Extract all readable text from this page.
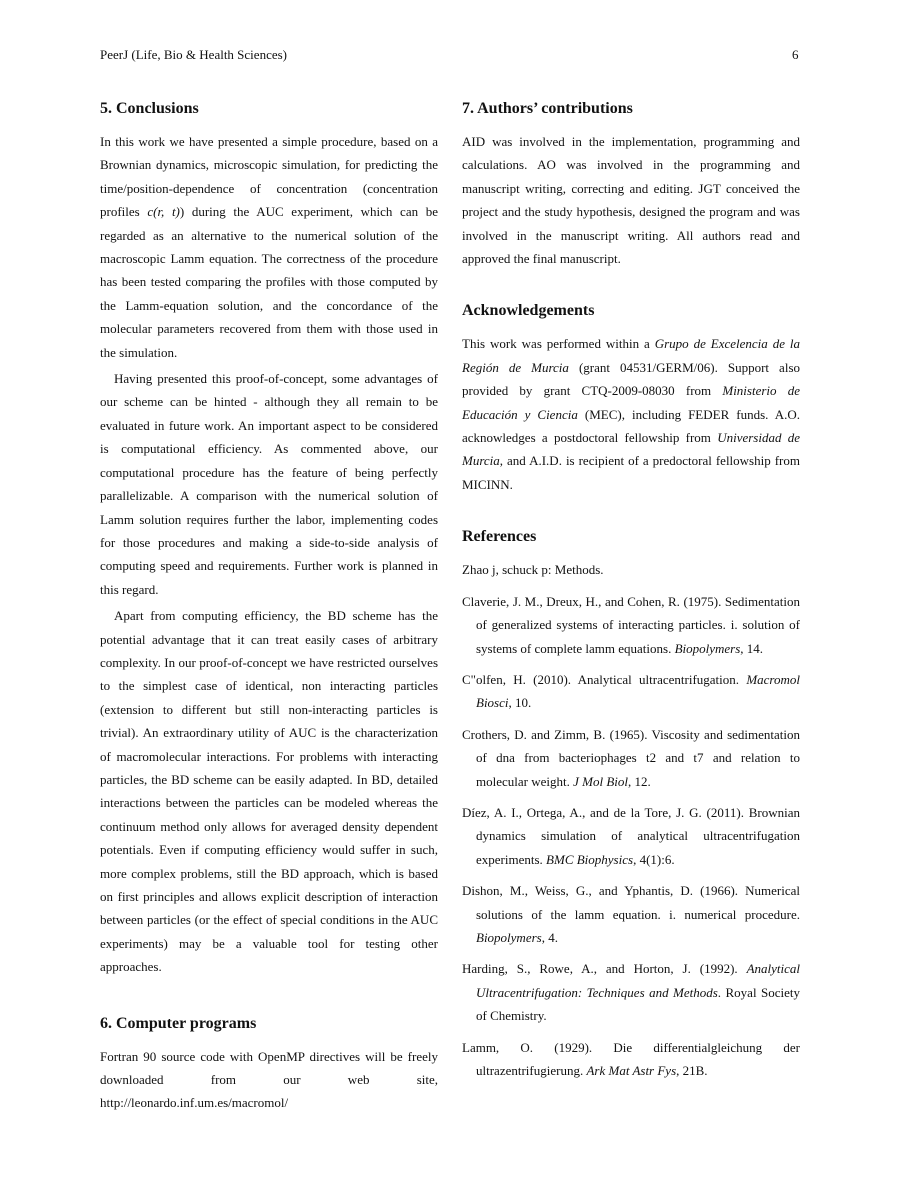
PeerJ (Life, Bio & Health Sciences)	6
5. Conclusions

In this work we have presented a simple procedure, based on a Brownian dynamics, microscopic simulation, for predicting the time/position-dependence of concentration (concentration profiles c(r, t)) during the AUC experiment, which can be regarded as an alternative to the numerical solution of the macroscopic Lamm equation. The correctness of the procedure has been tested comparing the profiles with those computed by the Lamm-equation solution, and the concordance of the molecular parameters recovered from them with those used in the simulation.

Having presented this proof-of-concept, some advantages of our scheme can be hinted - although they all remain to be evaluated in future work. An important aspect to be considered is computational efficiency. As commented above, our computational procedure has the feature of being perfectly parallelizable. A comparison with the numerical solution of Lamm solution requires further the labor, implementing codes for those procedures and making a side-to-side analysis of computing speed and requirements. Further work is planned in this regard.

Apart from computing efficiency, the BD scheme has the potential advantage that it can treat easily cases of arbitrary complexity. In our proof-of-concept we have restricted ourselves to the simplest case of identical, non interacting particles (extension to different but still non-interacting particles is trivial). An extraordinary utility of AUC is the characterization of macromolecular interactions. For problems with interacting particles, the BD scheme can be easily adapted. In BD, detailed interactions between the particles can be modeled whereas the continuum method only allows for averaged density dependent potentials. Even if computing efficiency would suffer in such, more complex problems, still the BD approach, which is based on first principles and allows explicit description of interaction between particles (or the effect of special conditions in the AUC experiments) may be a valuable tool for testing other approaches.

6. Computer programs

Fortran 90 source code with OpenMP directives will be freely downloaded from our web site, http://leonardo.inf.um.es/macromol/

7. Authors’ contributions

AID was involved in the implementation, programming and calculations. AO was involved in the programming and manuscript writing, correcting and editing. JGT conceived the project and the study hypothesis, designed the program and was involved in the manuscript writing. All authors read and approved the final manuscript.

Acknowledgements

This work was performed within a Grupo de Excelencia de la Región de Murcia (grant 04531/GERM/06). Support also provided by grant CTQ-2009-08030 from Ministerio de Educación y Ciencia (MEC), including FEDER funds. A.O. acknowledges a postdoctoral fellowship from Universidad de Murcia, and A.I.D. is recipient of a predoctoral fellowship from MICINN.

References
Zhao j, schuck p: Methods.
Claverie, J. M., Dreux, H., and Cohen, R. (1975). Sedimentation of generalized systems of interacting particles. i. solution of systems of complete lamm equations. Biopolymers, 14.
C"olfen, H. (2010). Analytical ultracentrifugation. Macromol Biosci, 10.
Crothers, D. and Zimm, B. (1965). Viscosity and sedimentation of dna from bacteriophages t2 and t7 and relation to molecular weight. J Mol Biol, 12.
Díez, A. I., Ortega, A., and de la Tore, J. G. (2011). Brownian dynamics simulation of analytical ultracentrifugation experiments. BMC Biophysics, 4(1):6.
Dishon, M., Weiss, G., and Yphantis, D. (1966). Numerical solutions of the lamm equation. i. numerical procedure. Biopolymers, 4.
Harding, S., Rowe, A., and Horton, J. (1992). Analytical Ultracentrifugation: Techniques and Methods. Royal Society of Chemistry.
Lamm, O. (1929). Die differentialgleichung der ultrazentrifugierung. Ark Mat Astr Fys, 21B.
